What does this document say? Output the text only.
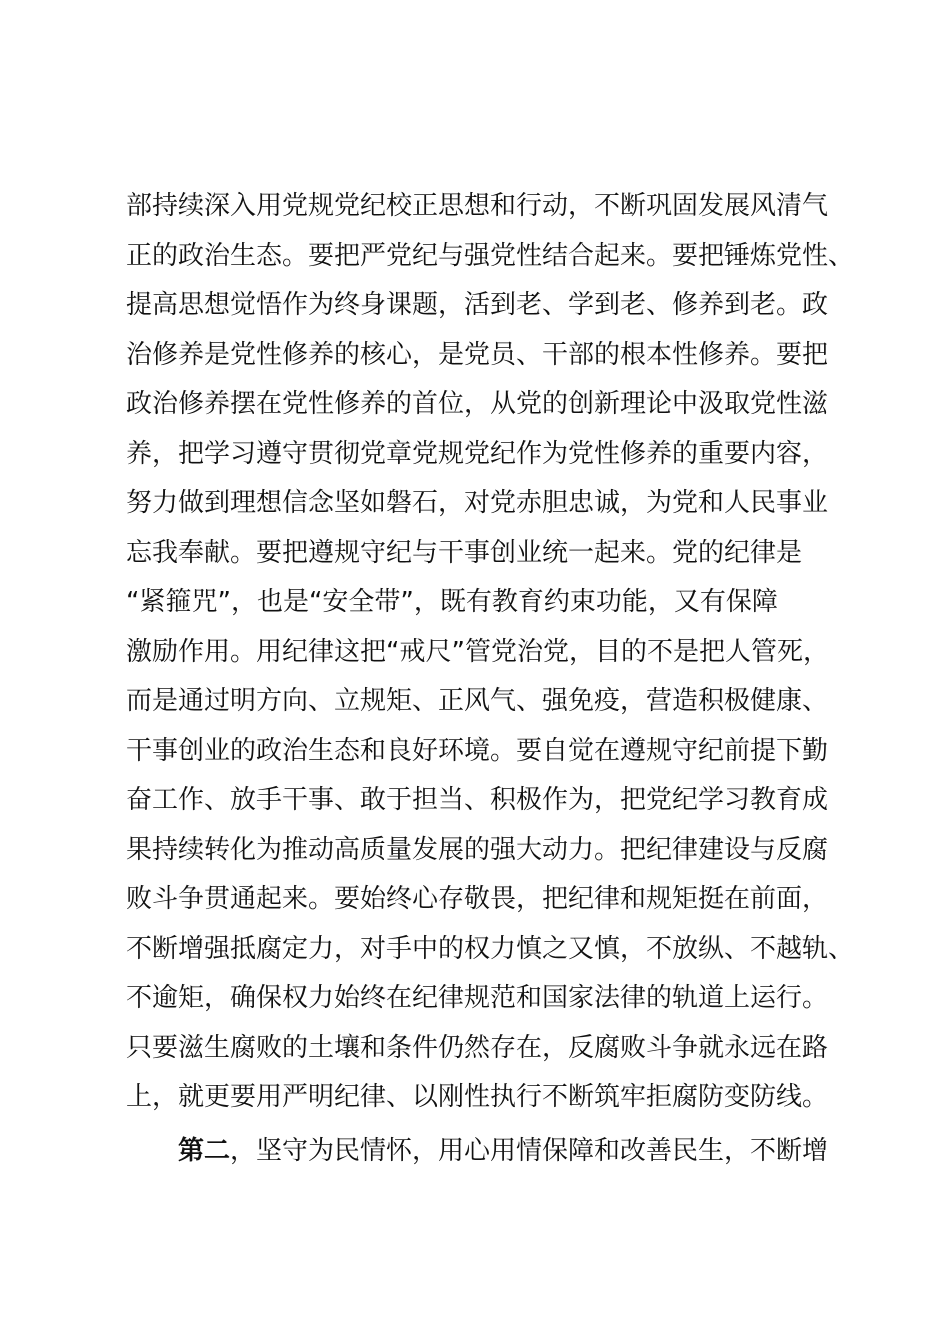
部持续深入用党规党纪校正思想和行动，不断巩固发展风清气
正的政治生态。要把严党纪与强党性结合起来。要把锤炼党性、
提高思想觉悟作为终身课题，活到老、学到老、修养到老。政
治修养是党性修养的核心，是党员、干部的根本性修养。要把
政治修养摆在党性修养的首位，从党的创新理论中汲取党性滋
养，把学习遵守贯彻党章党规党纪作为党性修养的重要内容，
努力做到理想信念坚如磐石，对党赤胆忠诚，为党和人民事业
忘我奉献。要把遵规守纪与干事创业统一起来。党的纪律是
“紧箍咒”，也是“安全带”，既有教育约束功能，又有保障
激励作用。用纪律这把“戒尺”管党治党，目的不是把人管死，
而是通过明方向、立规矩、正风气、强免疫，营造积极健康、
干事创业的政治生态和良好环境。要自觉在遵规守纪前提下勤
奋工作、放手干事、敢于担当、积极作为，把党纪学习教育成
果持续转化为推动高质量发展的强大动力。把纪律建设与反腐
败斗争贯通起来。要始终心存敬畏，把纪律和规矩挺在前面，
不断增强抵腐定力，对手中的权力慎之又慎，不放纵、不越轨、
不逾矩，确保权力始终在纪律规范和国家法律的轨道上运行。
只要滋生腐败的土壤和条件仍然存在，反腐败斗争就永远在路
上，就更要用严明纪律、以刚性执行不断筑牢拒腐防变防线。
第二，坚守为民情怀，用心用情保障和改善民生，不断增
